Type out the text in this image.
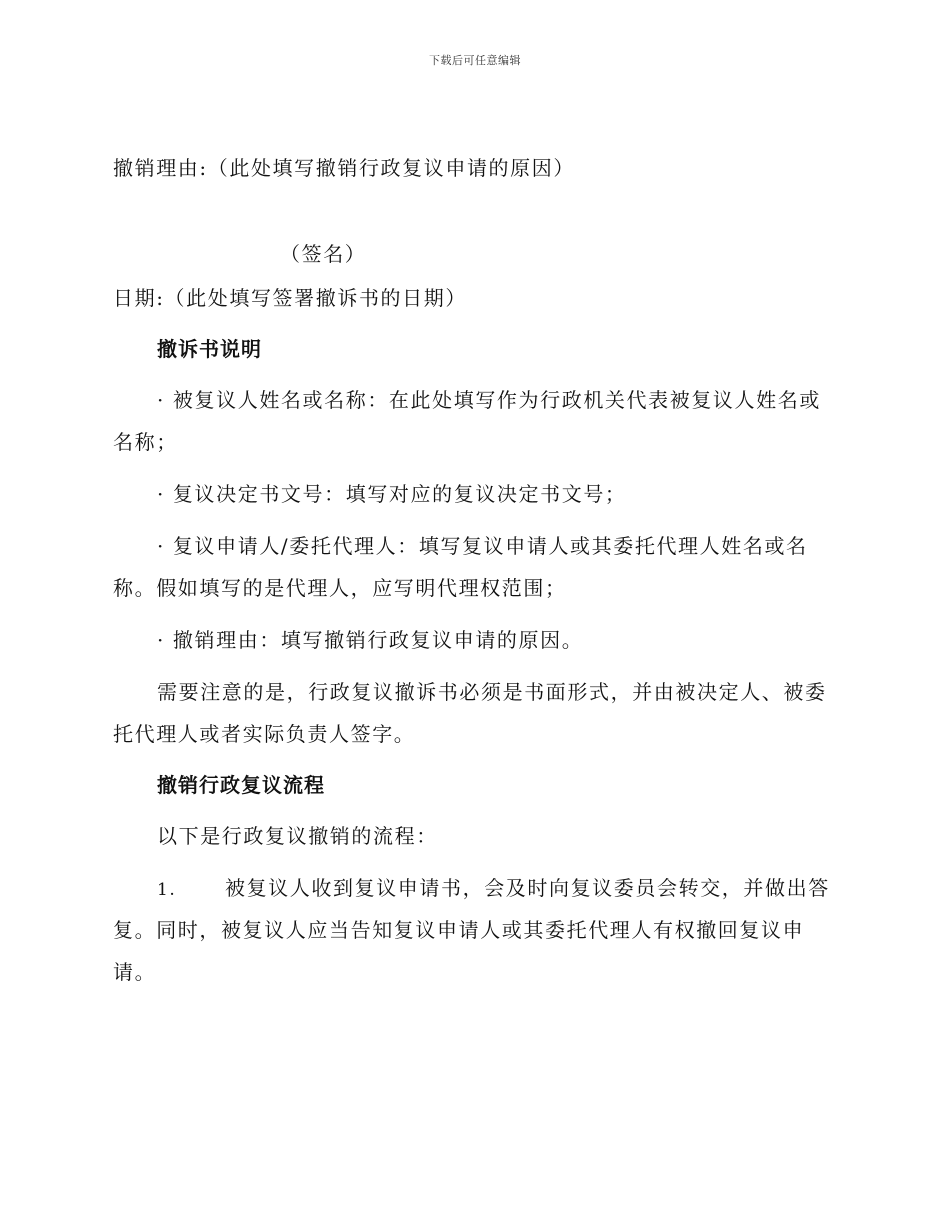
下载后可任意编辑
撤销理由:（此处填写撤销行政复议申请的原因）
（签名）
日期:（此处填写签署撤诉书的日期）
撤诉书说明
· 被复议人姓名或名称：在此处填写作为行政机关代表被复议人姓名或
名称；
· 复议决定书文号：填写对应的复议决定书文号；
· 复议申请人/委托代理人：填写复议申请人或其委托代理人姓名或名
称。假如填写的是代理人，应写明代理权范围；
· 撤销理由：填写撤销行政复议申请的原因。
需要注意的是，行政复议撤诉书必须是书面形式，并由被决定人、被委
托代理人或者实际负责人签字。
撤销行政复议流程
以下是行政复议撤销的流程：
1. 被复议人收到复议申请书，会及时向复议委员会转交，并做出答
复。同时，被复议人应当告知复议申请人或其委托代理人有权撤回复议申
请。
